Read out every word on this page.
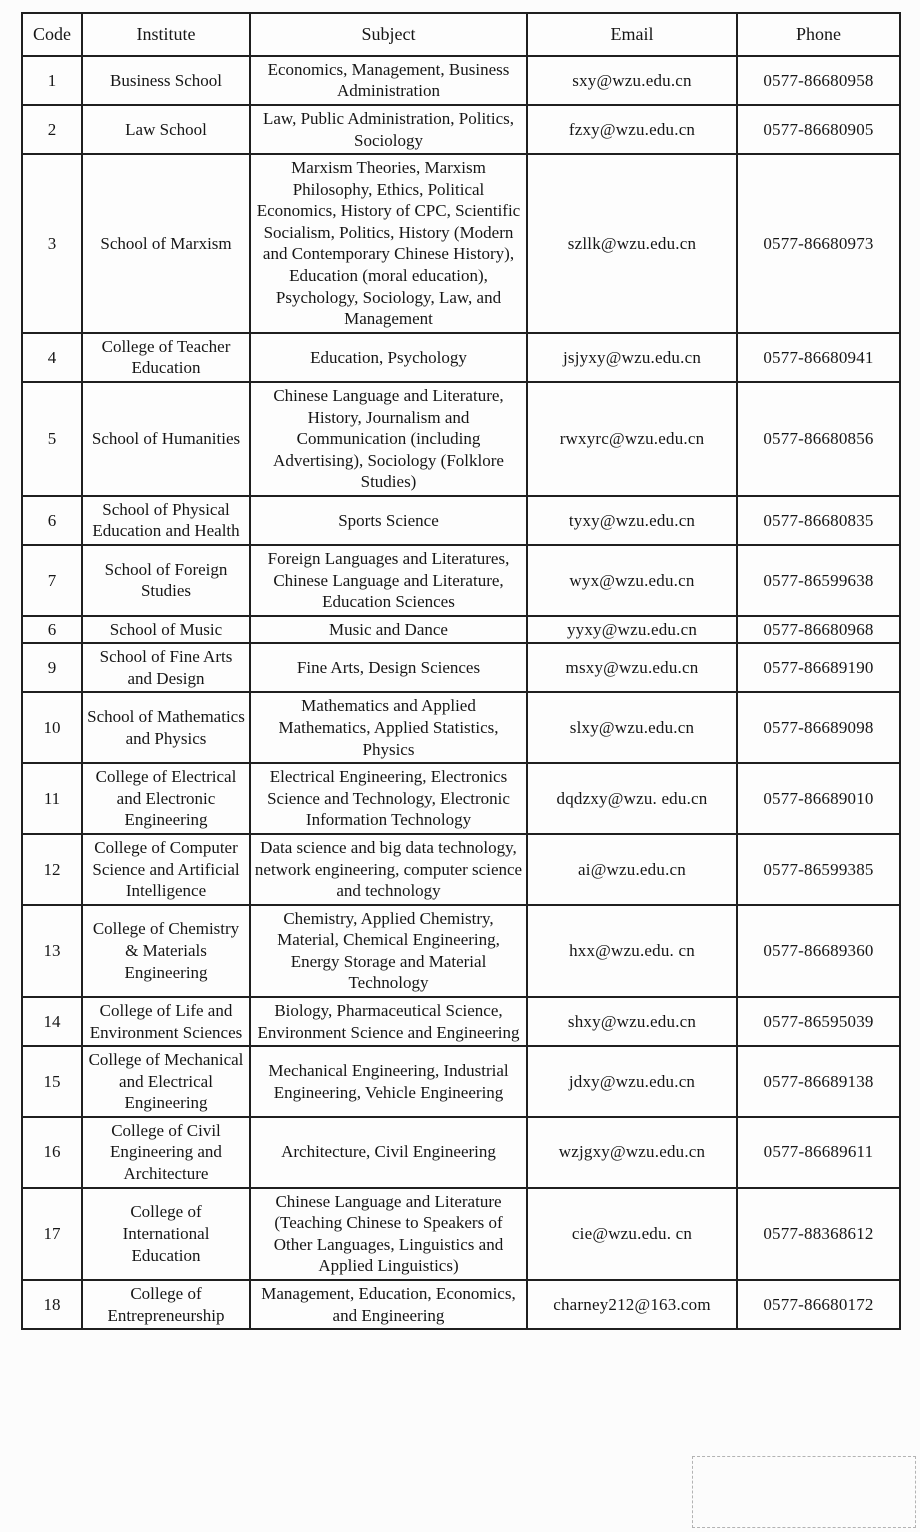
Code	Institute	Subject	Email	Phone
1	Business School	Economics, Management, Business Administration	sxy@wzu.edu.cn	0577-86680958
2	Law School	Law, Public Administration, Politics, Sociology	fzxy@wzu.edu.cn	0577-86680905
3	School of Marxism	Marxism Theories, Marxism Philosophy, Ethics, Political Economics, History of CPC, Scientific Socialism, Politics, History (Modern and Contemporary Chinese History), Education (moral education), Psychology, Sociology, Law, and Management	szllk@wzu.edu.cn	0577-86680973
4	College of Teacher Education	Education, Psychology	jsjyxy@wzu.edu.cn	0577-86680941
5	School of Humanities	Chinese Language and Literature, History, Journalism and Communication (including Advertising), Sociology (Folklore Studies)	rwxyrc@wzu.edu.cn	0577-86680856
6	School of Physical Education and Health	Sports Science	tyxy@wzu.edu.cn	0577-86680835
7	School of Foreign Studies	Foreign Languages and Literatures, Chinese Language and Literature, Education Sciences	wyx@wzu.edu.cn	0577-86599638
6	School of Music	Music and Dance	yyxy@wzu.edu.cn	0577-86680968
9	School of Fine Arts and Design	Fine Arts, Design Sciences	msxy@wzu.edu.cn	0577-86689190
10	School of Mathematics and Physics	Mathematics and Applied Mathematics, Applied Statistics, Physics	slxy@wzu.edu.cn	0577-86689098
11	College of Electrical and Electronic Engineering	Electrical Engineering, Electronics Science and Technology, Electronic Information Technology	dqdzxy@wzu. edu.cn	0577-86689010
12	College of Computer Science and Artificial Intelligence	Data science and big data technology, network engineering, computer science and technology	ai@wzu.edu.cn	0577-86599385
13	College of Chemistry & Materials Engineering	Chemistry, Applied Chemistry, Material, Chemical Engineering, Energy Storage and Material Technology	hxx@wzu.edu. cn	0577-86689360
14	College of Life and Environment Sciences	Biology, Pharmaceutical Science, Environment Science and Engineering	shxy@wzu.edu.cn	0577-86595039
15	College of Mechanical and Electrical Engineering	Mechanical Engineering, Industrial Engineering, Vehicle Engineering	jdxy@wzu.edu.cn	0577-86689138
16	College of Civil Engineering and Architecture	Architecture, Civil Engineering	wzjgxy@wzu.edu.cn	0577-86689611
17	College of International Education	Chinese Language and Literature (Teaching Chinese to Speakers of Other Languages, Linguistics and Applied Linguistics)	cie@wzu.edu. cn	0577-88368612
18	College of Entrepreneurship	Management, Education, Economics, and Engineering	charney212@163.com	0577-86680172
